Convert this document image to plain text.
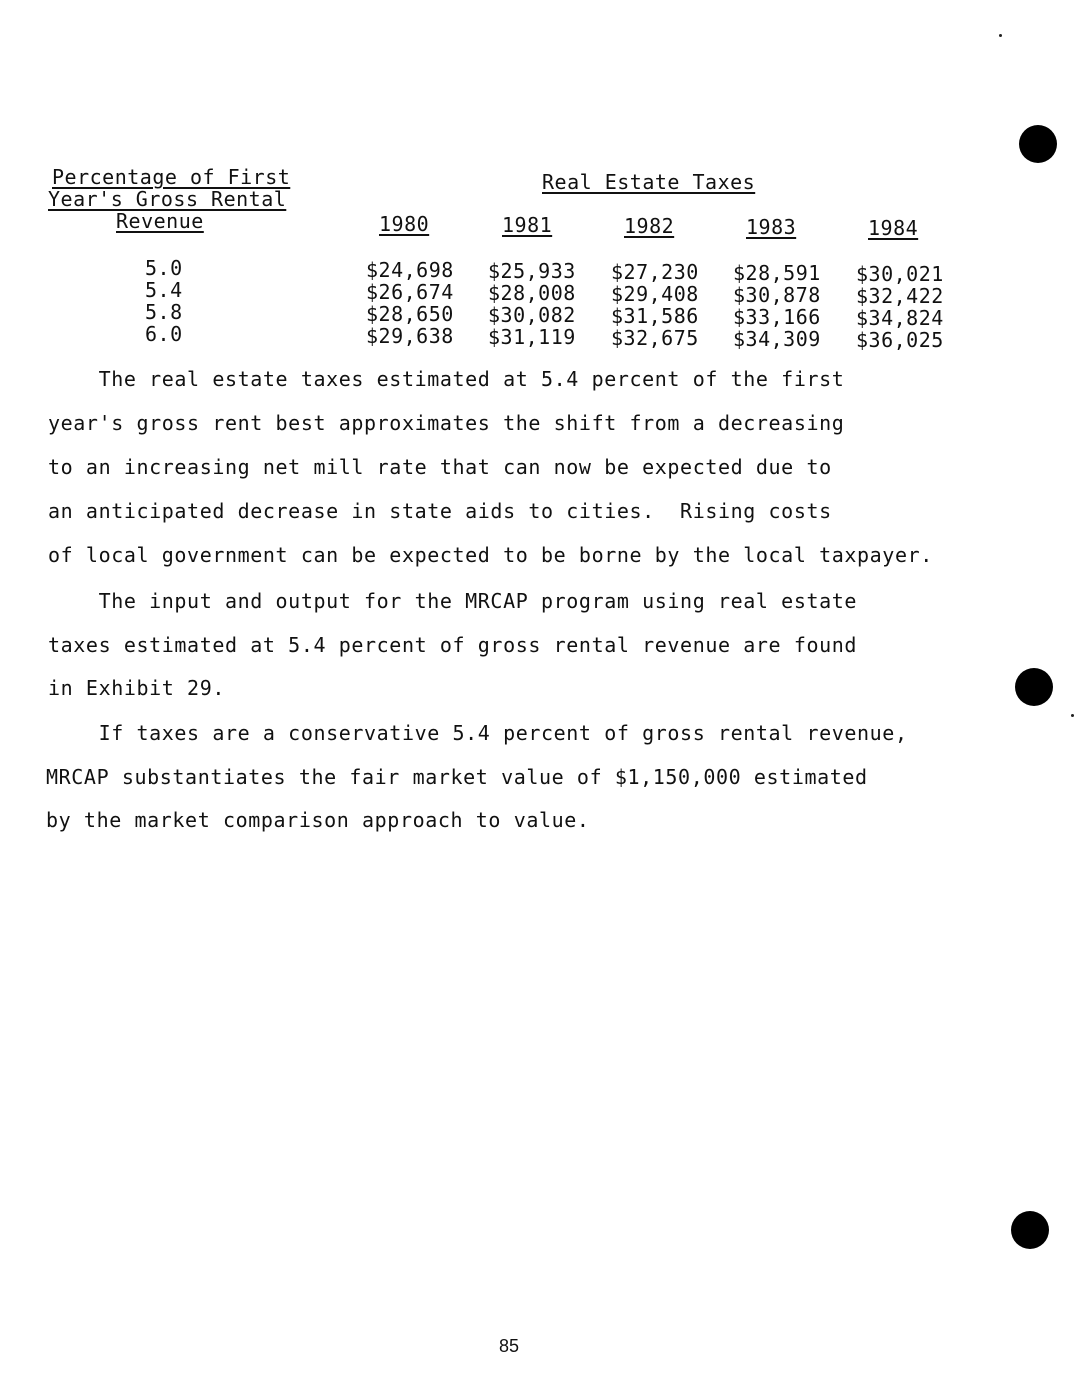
Percentage of First
Year's Gross Rental
Revenue
Real Estate Taxes
1980	1981	1982	1983	1984
5.0	$24,698 $25,933 $27,230 $28,591 $30,021
5.4	$26,674 $28,008 $29,408 $30,878 $32,422
5.8	$28,650 $30,082 $31,586 $33,166 $34,824
6.0	$29,638 $31,119 $32,675 $34,309 $36,025
The real estate taxes estimated at 5.4 percent of the first
year's gross rent best approximates the shift from a decreasing
to an increasing net mill rate that can now be expected due to
an anticipated decrease in state aids to cities.  Rising costs
of local government can be expected to be borne by the local taxpayer.
The input and output for the MRCAP program using real estate
taxes estimated at 5.4 percent of gross rental revenue are found
in Exhibit 29.
If taxes are a conservative 5.4 percent of gross rental revenue,
MRCAP substantiates the fair market value of $1,150,000 estimated
by the market comparison approach to value.
85
